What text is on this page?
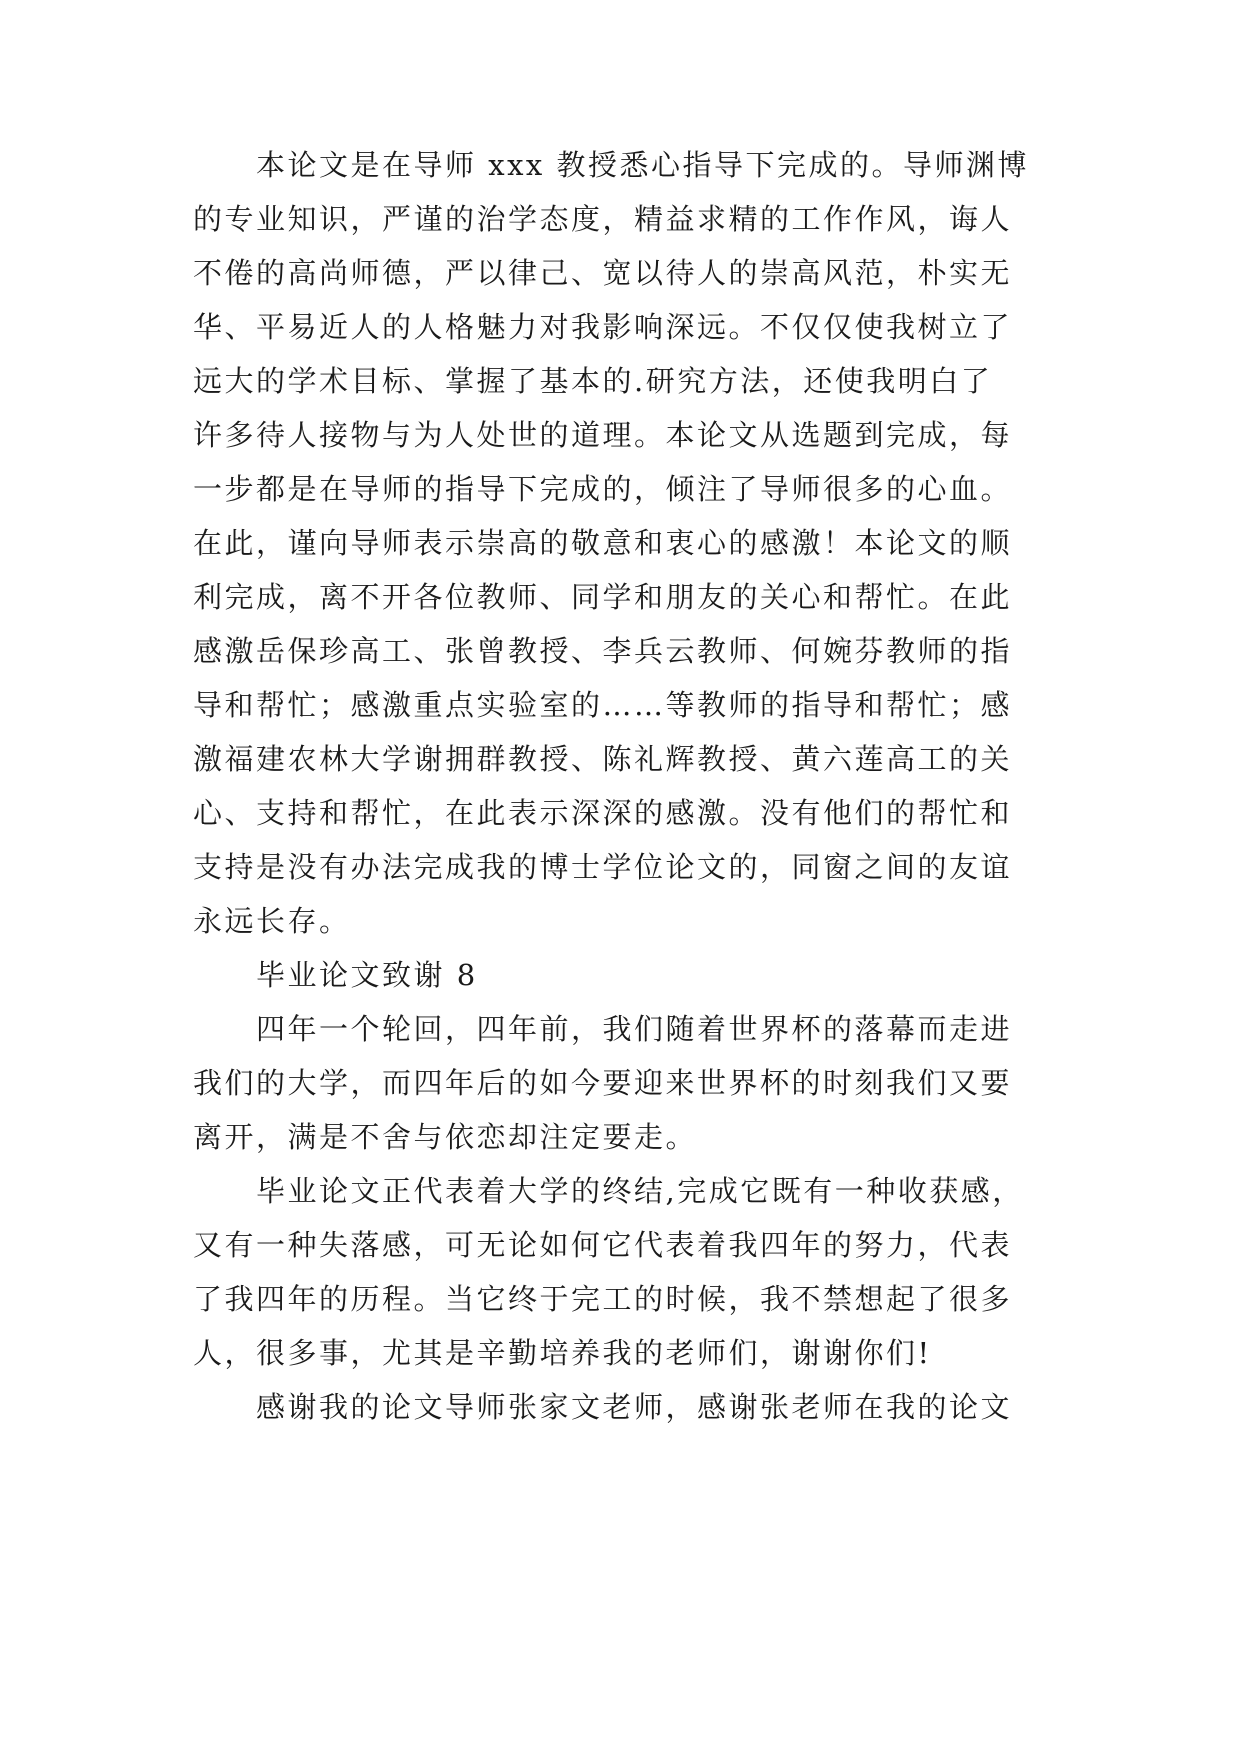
本论文是在导师 xxx 教授悉心指导下完成的。导师渊博
的专业知识，严谨的治学态度，精益求精的工作作风，诲人
不倦的高尚师德，严以律己、宽以待人的崇高风范，朴实无
华、平易近人的人格魅力对我影响深远。不仅仅使我树立了
远大的学术目标、掌握了基本的.研究方法，还使我明白了
许多待人接物与为人处世的道理。本论文从选题到完成，每
一步都是在导师的指导下完成的，倾注了导师很多的心血。
在此，谨向导师表示崇高的敬意和衷心的感激！本论文的顺
利完成，离不开各位教师、同学和朋友的关心和帮忙。在此
感激岳保珍高工、张曾教授、李兵云教师、何婉芬教师的指
导和帮忙；感激重点实验室的……等教师的指导和帮忙；感
激福建农林大学谢拥群教授、陈礼辉教授、黄六莲高工的关
心、支持和帮忙，在此表示深深的感激。没有他们的帮忙和
支持是没有办法完成我的博士学位论文的，同窗之间的友谊
永远长存。
毕业论文致谢 8
四年一个轮回，四年前，我们随着世界杯的落幕而走进
我们的大学，而四年后的如今要迎来世界杯的时刻我们又要
离开，满是不舍与依恋却注定要走。
毕业论文正代表着大学的终结,完成它既有一种收获感，
又有一种失落感，可无论如何它代表着我四年的努力，代表
了我四年的历程。当它终于完工的时候，我不禁想起了很多
人，很多事，尤其是辛勤培养我的老师们，谢谢你们!
感谢我的论文导师张家文老师，感谢张老师在我的论文
